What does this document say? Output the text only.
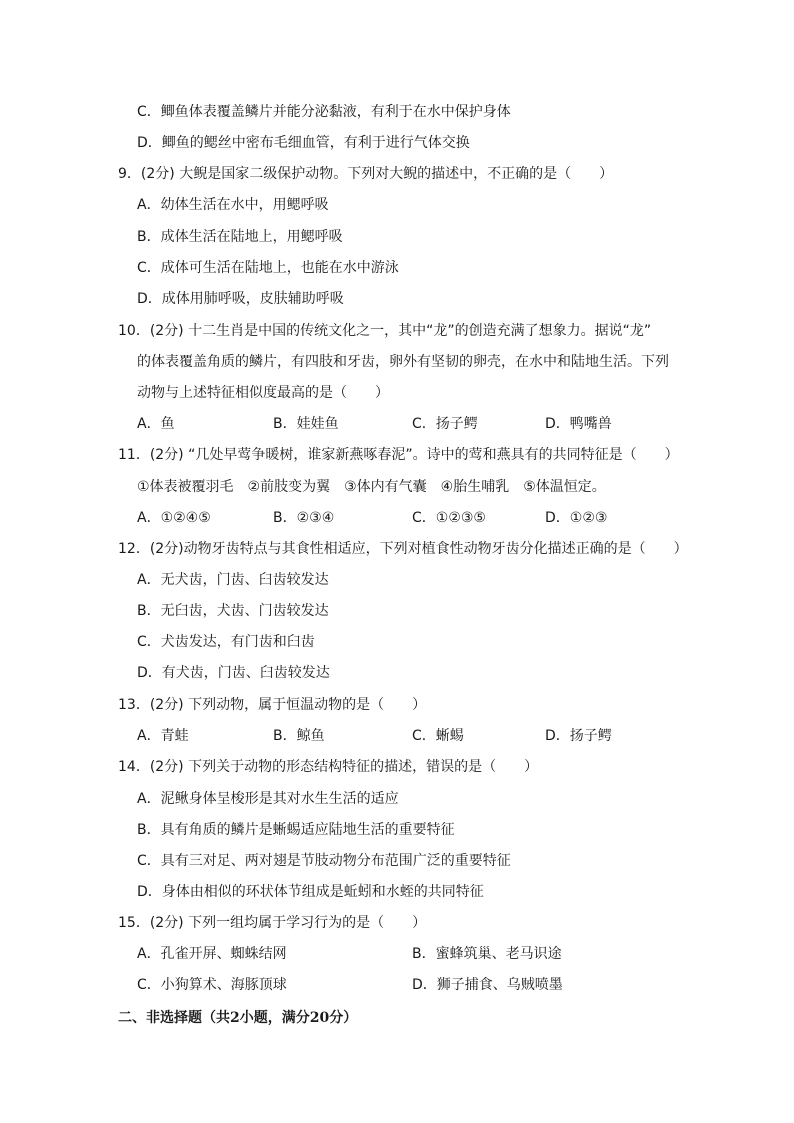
C．鲫鱼体表覆盖鳞片并能分泌黏液，有利于在水中保护身体
D．鲫鱼的鳃丝中密布毛细血管，有利于进行气体交换
9．(2分) 大鲵是国家二级保护动物。下列对大鲵的描述中，不正确的是（　　）
A．幼体生活在水中，用鳃呼吸
B．成体生活在陆地上，用鳃呼吸
C．成体可生活在陆地上，也能在水中游泳
D．成体用肺呼吸，皮肤辅助呼吸
10．(2分) 十二生肖是中国的传统文化之一，其中“龙”的创造充满了想象力。据说“龙”
的体表覆盖角质的鳞片，有四肢和牙齿，卵外有坚韧的卵壳，在水中和陆地生活。下列
动物与上述特征相似度最高的是（　　）
A．鱼	B．娃娃鱼	C．扬子鳄	D．鸭嘴兽
11．(2分) “几处早莺争暖树，谁家新燕啄春泥”。诗中的莺和燕具有的共同特征是（　　）
①体表被覆羽毛　②前肢变为翼　③体内有气囊　④胎生哺乳　⑤体温恒定。
A．①②④⑤	B．②③④	C．①②③⑤	D．①②③
12．(2分)动物牙齿特点与其食性相适应，下列对植食性动物牙齿分化描述正确的是（　　）
A．无犬齿，门齿、臼齿较发达
B．无臼齿，犬齿、门齿较发达
C．犬齿发达，有门齿和臼齿
D．有犬齿，门齿、臼齿较发达
13．(2分) 下列动物，属于恒温动物的是（　　）
A．青蛙	B．鲸鱼	C．蜥蜴	D．扬子鳄
14．(2分) 下列关于动物的形态结构特征的描述，错误的是（　　）
A．泥鳅身体呈梭形是其对水生生活的适应
B．具有角质的鳞片是蜥蜴适应陆地生活的重要特征
C．具有三对足、两对翅是节肢动物分布范围广泛的重要特征
D．身体由相似的环状体节组成是蚯蚓和水蛭的共同特征
15．(2分) 下列一组均属于学习行为的是（　　）
A．孔雀开屏、蜘蛛结网	B．蜜蜂筑巢、老马识途
C．小狗算术、海豚顶球	D．狮子捕食、乌贼喷墨
二、非选择题（共2小题，满分20分）
